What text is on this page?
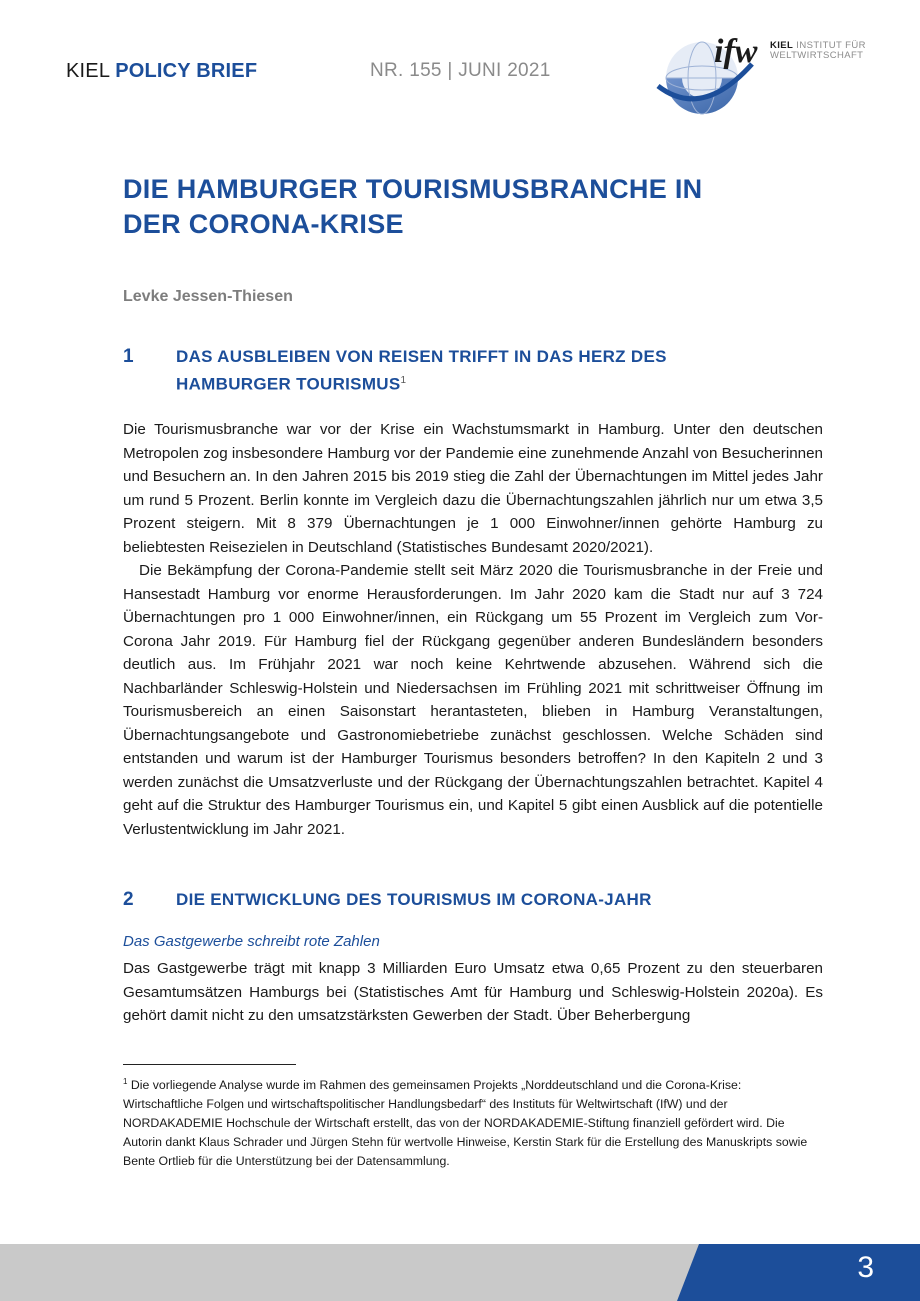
KIEL POLICY BRIEF	NR. 155 | JUNI 2021
ifw KIEL INSTITUT FÜR
WELTWIRTSCHAFT
DIE HAMBURGER TOURISMUSBRANCHE IN
DER CORONA-KRISE
Levke Jessen-Thiesen
1 DAS AUSBLEIBEN VON REISEN TRIFFT IN DAS HERZ DES
HAMBURGER TOURISMUS$^1$

Die Tourismusbranche war vor der Krise ein Wachstumsmarkt in Hamburg. Unter den deutschen Metropolen zog insbesondere Hamburg vor der Pandemie eine zunehmende Anzahl von Besucherinnen und Besuchern an. In den Jahren 2015 bis 2019 stieg die Zahl der Übernachtungen im Mittel jedes Jahr um rund 5 Prozent. Berlin konnte im Vergleich dazu die Übernachtungszahlen jährlich nur um etwa 3,5 Prozent steigern. Mit 8 379 Übernachtungen je 1 000 Einwohner/innen gehörte Hamburg zu beliebtesten Reisezielen in Deutschland (Statistisches Bundesamt 2020/2021).

Die Bekämpfung der Corona-Pandemie stellt seit März 2020 die Tourismusbranche in der Freie und Hansestadt Hamburg vor enorme Herausforderungen. Im Jahr 2020 kam die Stadt nur auf 3 724 Übernachtungen pro 1 000 Einwohner/innen, ein Rückgang um 55 Prozent im Vergleich zum Vor-Corona Jahr 2019. Für Hamburg fiel der Rückgang gegenüber anderen Bundesländern besonders deutlich aus. Im Frühjahr 2021 war noch keine Kehrtwende abzusehen. Während sich die Nachbarländer Schleswig-Holstein und Niedersachsen im Frühling 2021 mit schrittweiser Öffnung im Tourismusbereich an einen Saisonstart herantasteten, blieben in Hamburg Veranstaltungen, Übernachtungsangebote und Gastronomiebetriebe zunächst geschlossen. Welche Schäden sind entstanden und warum ist der Hamburger Tourismus besonders betroffen? In den Kapiteln 2 und 3 werden zunächst die Umsatzverluste und der Rückgang der Übernachtungszahlen betrachtet. Kapitel 4 geht auf die Struktur des Hamburger Tourismus ein, und Kapitel 5 gibt einen Ausblick auf die potentielle Verlustentwicklung im Jahr 2021.

2 DIE ENTWICKLUNG DES TOURISMUS IM CORONA-JAHR
Das Gastgewerbe schreibt rote Zahlen

Das Gastgewerbe trägt mit knapp 3 Milliarden Euro Umsatz etwa 0,65 Prozent zu den steuerbaren Gesamtumsätzen Hamburgs bei (Statistisches Amt für Hamburg und Schleswig-Holstein 2020a). Es gehört damit nicht zu den umsatzstärksten Gewerben der Stadt. Über Beherbergung

$^1$ Die vorliegende Analyse wurde im Rahmen des gemeinsamen Projekts „Norddeutschland und die Corona-Krise: Wirtschaftliche Folgen und wirtschaftspolitischer Handlungsbedarf“ des Instituts für Weltwirtschaft (IfW) und der NORDAKADEMIE Hochschule der Wirtschaft erstellt, das von der NORDAKADEMIE-Stiftung finanziell gefördert wird. Die Autorin dankt Klaus Schrader und Jürgen Stehn für wertvolle Hinweise, Kerstin Stark für die Erstellung des Manuskripts sowie Bente Ortlieb für die Unterstützung bei der Datensammlung.
3
